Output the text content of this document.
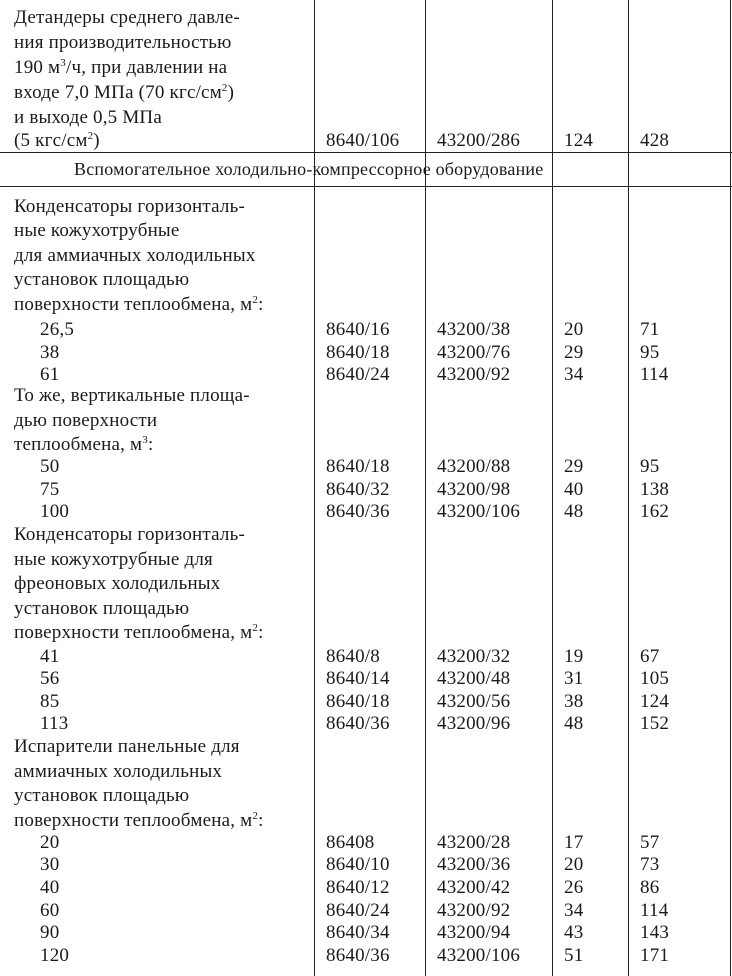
Детандеры среднего давле-
ния производительностью
190 $м^3/ч$, при давлении на
входе 7,0 МПа (70 кгс/$см^2$)
и выходе 0,5 МПа
(5 кгс/$см^2$)	8640/106 43200/286 124 428
Вспомогательное холодильно-компрессорное оборудование
Конденсаторы горизонталь-
ные кожухотрубные
для аммиачных холодильных
установок площадью
поверхности теплообмена, $м^2$:
26,5	8640/16 43200/38	20	71
38	8640/18 43200/76	29	95
61	8640/24 43200/92	34	114
То же, вертикальные площа-
дью поверхности
теплообмена, $м^3$:
50	8640/18 43200/88	29	95
75	8640/32 43200/98	40	138
100	8640/36 43200/106 48	162
Конденсаторы горизонталь-
ные кожухотрубные для
фреоновых холодильных
установок площадью
поверхности теплообмена, $м^2$:
41	8640/8	43200/32	19	67
56	8640/14 43200/48	31	105
85	8640/18 43200/56	38	124
113	8640/36 43200/96	48	152
Испарители панельные для
аммиачных холодильных
установок площадью
поверхности теплообмена, $м^2$:
20	86408	43200/28	17	57
30	8640/10 43200/36	20	73
40	8640/12 43200/42	26	86
60	8640/24 43200/92	34	114
90	8640/34 43200/94	43	143
120	8640/36 43200/106 51	171
